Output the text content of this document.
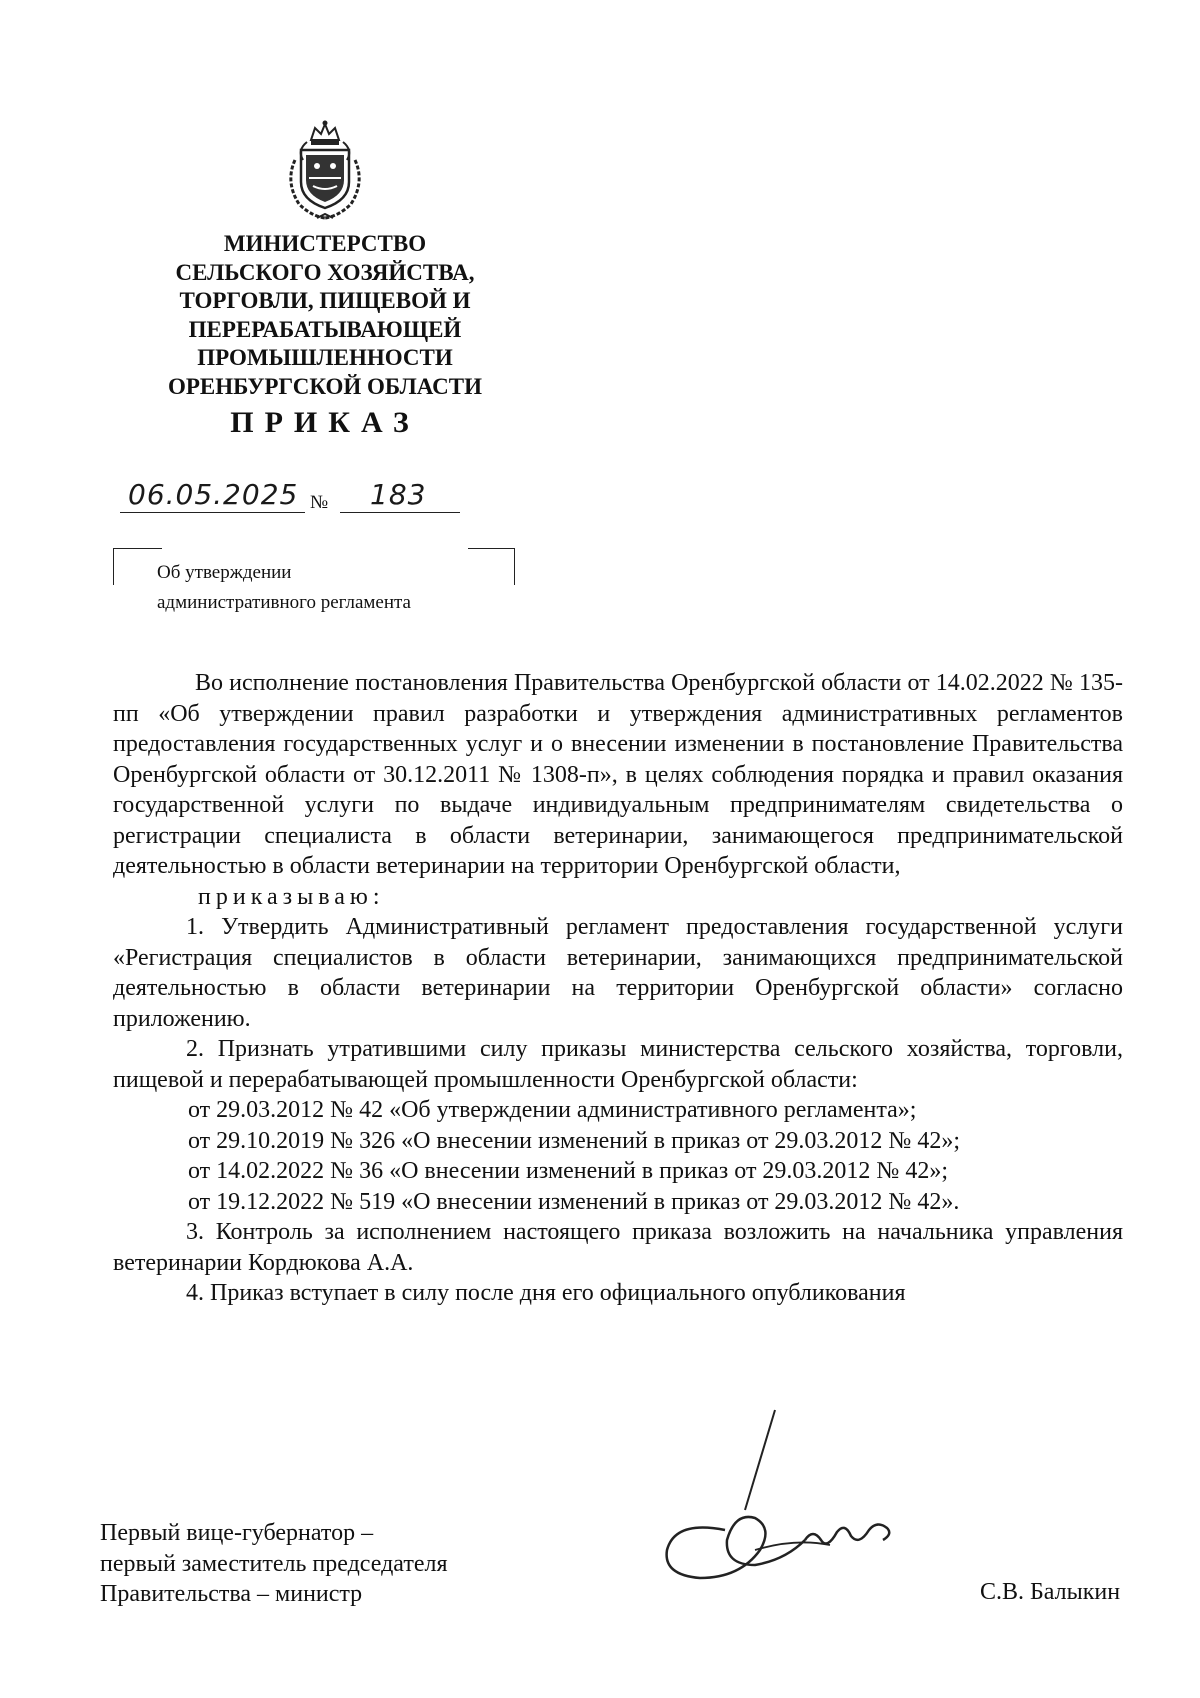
МИНИСТЕРСТВО
СЕЛЬСКОГО ХОЗЯЙСТВА,
ТОРГОВЛИ, ПИЩЕВОЙ И
ПЕРЕРАБАТЫВАЮЩЕЙ
ПРОМЫШЛЕННОСТИ
ОРЕНБУРГСКОЙ ОБЛАСТИ
ПРИКАЗ
06.05.2025 № 183
Об утверждении
административного регламента

Во исполнение постановления Правительства Оренбургской области от 14.02.2022 № 135-пп «Об утверждении правил разработки и утверждения административных регламентов предоставления государственных услуг и о внесении изменении в постановление Правительства Оренбургской области от 30.12.2011 № 1308-п», в целях соблюдения порядка и правил оказания государственной услуги по выдаче индивидуальным предпринимателям свидетельства о регистрации специалиста в области ветеринарии, занимающегося предпринимательской деятельностью в области ветеринарии на территории Оренбургской области,

приказываю:

1. Утвердить Административный регламент предоставления государственной услуги «Регистрация специалистов в области ветеринарии, занимающихся предпринимательской деятельностью в области ветеринарии на территории Оренбургской области» согласно приложению.

2. Признать утратившими силу приказы министерства сельского хозяйства, торговли, пищевой и перерабатывающей промышленности Оренбургской области:

от 29.03.2012 № 42 «Об утверждении административного регламента»;

от 29.10.2019 № 326 «О внесении изменений в приказ от 29.03.2012 № 42»;

от 14.02.2022 № 36 «О внесении изменений в приказ от 29.03.2012 № 42»;

от 19.12.2022 № 519 «О внесении изменений в приказ от 29.03.2012 № 42».

3. Контроль за исполнением настоящего приказа возложить на начальника управления ветеринарии Кордюкова А.А.

4. Приказ вступает в силу после дня его официального опубликования

Первый вице-губернатор –
первый заместитель председателя
Правительства – министр	С.В. Балыкин
